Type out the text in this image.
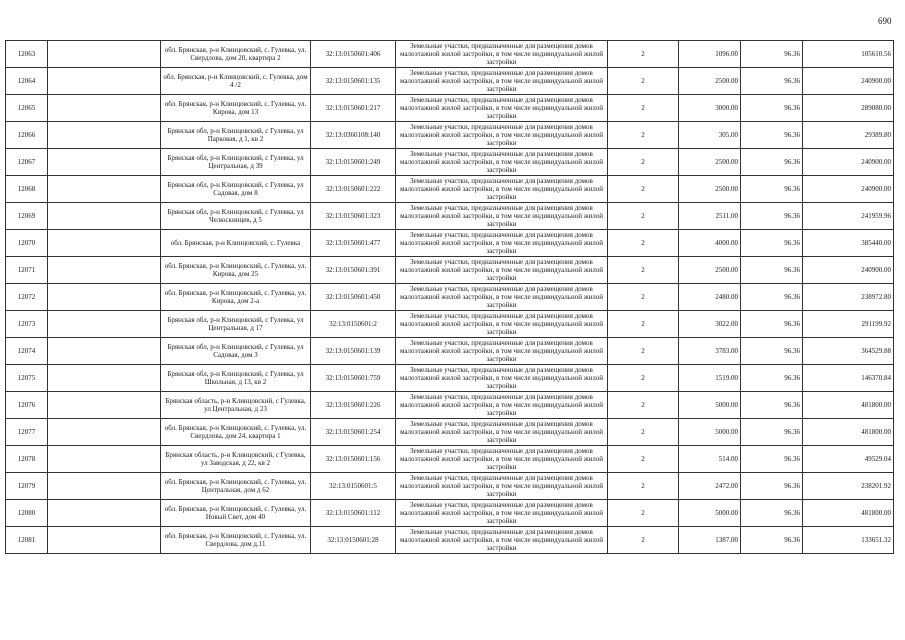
690
12063		обл. Брянская, р-н Клинцовский, с. Гулевка, ул. Свердлова, дом 20, квартира 2	32:13:0150601:406	Земельные участки, предназначенные для размещения домов малоэтажной жилой застройки, в том числе индивидуальной жилой застройки	2	1096.00	96.36	105610.56
12064		обл. Брянская, р-н Клинцовский, с. Гулевка, дом 4 /2	32:13:0150601:135	Земельные участки, предназначенные для размещения домов малоэтажной жилой застройки, в том числе индивидуальной жилой застройки	2	2500.00	96.36	240900.00
12065		обл. Брянская, р-н Клинцовский, с. Гулевка, ул. Кирова, дом 13	32:13:0150601:217	Земельные участки, предназначенные для размещения домов малоэтажной жилой застройки, в том числе индивидуальной жилой застройки	2	3000.00	96.36	289080.00
12066		Брянская обл, р-н Клинцовский, с Гулевка, ул Парковая, д 1, кв 2	32:13:0360108:140	Земельные участки, предназначенные для размещения домов малоэтажной жилой застройки, в том числе индивидуальной жилой застройки	2	305.00	96.36	29389.80
12067		Брянская обл, р-н Клинцовский, с Гулевка, ул Центральная, д 39	32:13:0150601:249	Земельные участки, предназначенные для размещения домов малоэтажной жилой застройки, в том числе индивидуальной жилой застройки	2	2500.00	96.36	240900.00
12068		Брянская обл, р-н Клинцовский, с Гулевка, ул Садовая, дом 8	32:13:0150601:222	Земельные участки, предназначенные для размещения домов малоэтажной жилой застройки, в том числе индивидуальной жилой застройки	2	2500.00	96.36	240900.00
12069		Брянская обл, р-н Клинцовский, с Гулевка, ул Челюскинцев, д 5	32:13:0150601:323	Земельные участки, предназначенные для размещения домов малоэтажной жилой застройки, в том числе индивидуальной жилой застройки	2	2511.00	96.36	241959.96
12070		обл. Брянская, р-н Клинцовский, с. Гулевка	32:13:0150601:477	Земельные участки, предназначенные для размещения домов малоэтажной жилой застройки, в том числе индивидуальной жилой застройки	2	4000.00	96.36	385440.00
12071		обл. Брянская, р-н Клинцовский, с. Гулевка, ул. Кирова, дом 25	32:13:0150601:391	Земельные участки, предназначенные для размещения домов малоэтажной жилой застройки, в том числе индивидуальной жилой застройки	2	2500.00	96.36	240900.00
12072		обл. Брянская, р-н Клинцовский, с. Гулевка, ул. Кирова, дом 2-а	32:13:0150601:450	Земельные участки, предназначенные для размещения домов малоэтажной жилой застройки, в том числе индивидуальной жилой застройки	2	2480.00	96.36	238972.80
12073		Брянская обл, р-н Клинцовский, с Гулевка, ул Центральная, д 17	32:13:0150601:2	Земельные участки, предназначенные для размещения домов малоэтажной жилой застройки, в том числе индивидуальной жилой застройки	2	3022.00	96.36	291199.92
12074		Брянская обл, р-н Клинцовский, с Гулевка, ул Садовая, дом 3	32:13:0150601:139	Земельные участки, предназначенные для размещения домов малоэтажной жилой застройки, в том числе индивидуальной жилой застройки	2	3783.00	96.36	364529.88
12075		Брянская обл, р-н Клинцовский, с Гулевка, ул Школьная, д 13, кв 2	32:13:0150601:759	Земельные участки, предназначенные для размещения домов малоэтажной жилой застройки, в том числе индивидуальной жилой застройки	2	1519.00	96.36	146370.84
12076		Брянская область, р-н Клинцовский, с Гулевка, ул Центральная, д 23	32:13:0150601:226	Земельные участки, предназначенные для размещения домов малоэтажной жилой застройки, в том числе индивидуальной жилой застройки	2	5000.00	96.36	481800.00
12077		обл. Брянская, р-н Клинцовский, с. Гулевка, ул. Свердлова, дом 24, квартира 1	32:13:0150601:254	Земельные участки, предназначенные для размещения домов малоэтажной жилой застройки, в том числе индивидуальной жилой застройки	2	5000.00	96.36	481800.00
12078		Брянская область, р-н Клинцовский, с Гулевка, ул Заводская, д 22, кв 2	32:13:0150601:156	Земельные участки, предназначенные для размещения домов малоэтажной жилой застройки, в том числе индивидуальной жилой застройки	2	514.00	96.36	49529.04
12079		обл. Брянская, р-н Клинцовский, с. Гулевка, ул. Центральная, дом д 62	32:13:0150601:5	Земельные участки, предназначенные для размещения домов малоэтажной жилой застройки, в том числе индивидуальной жилой застройки	2	2472.00	96.36	238201.92
12080		обл. Брянская, р-н Клинцовский, с. Гулевка, ул. Новый Свет, дом 40	32:13:0150601:112	Земельные участки, предназначенные для размещения домов малоэтажной жилой застройки, в том числе индивидуальной жилой застройки	2	5000.00	96.36	481800.00
12081		обл. Брянская, р-н Клинцовский, с. Гулевка, ул. Свердлова, дом д.11	32:13:0150601:28	Земельные участки, предназначенные для размещения домов малоэтажной жилой застройки, в том числе индивидуальной жилой застройки	2	1387.00	96.36	133651.32
